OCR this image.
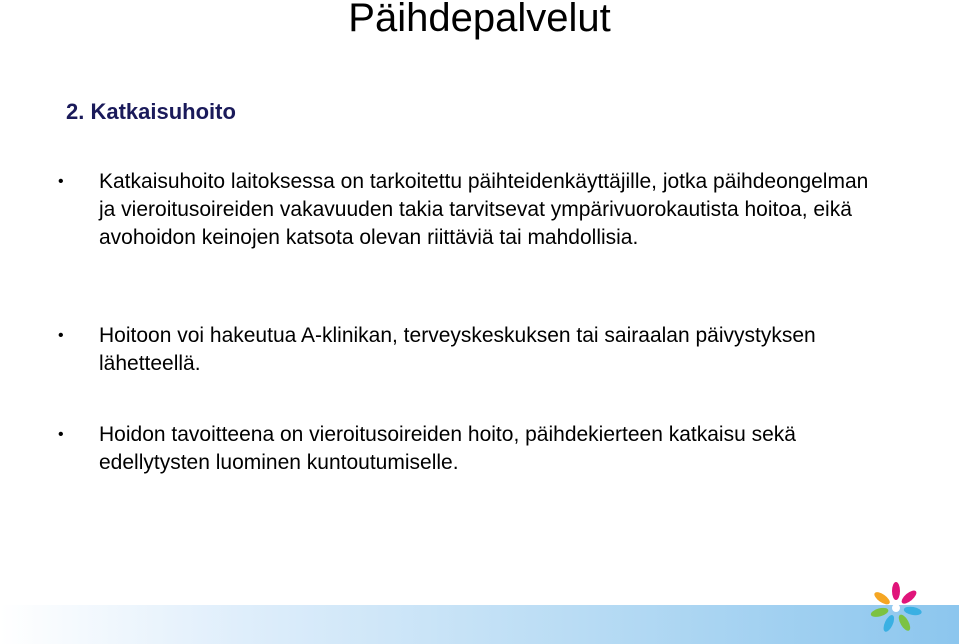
Päihdepalvelut
2. Katkaisuhoito
• Katkaisuhoito laitoksessa on tarkoitettu päihteidenkäyttäjille, jotka päihdeongelman ja vieroitusoireiden vakavuuden takia tarvitsevat ympärivuorokautista hoitoa, eikä avohoidon keinojen katsota olevan riittäviä tai mahdollisia.
• Hoitoon voi hakeutua A-klinikan, terveyskeskuksen tai sairaalan päivystyksen lähetteellä.
• Hoidon tavoitteena on vieroitusoireiden hoito, päihdekierteen katkaisu sekä edellytysten luominen kuntoutumiselle.
